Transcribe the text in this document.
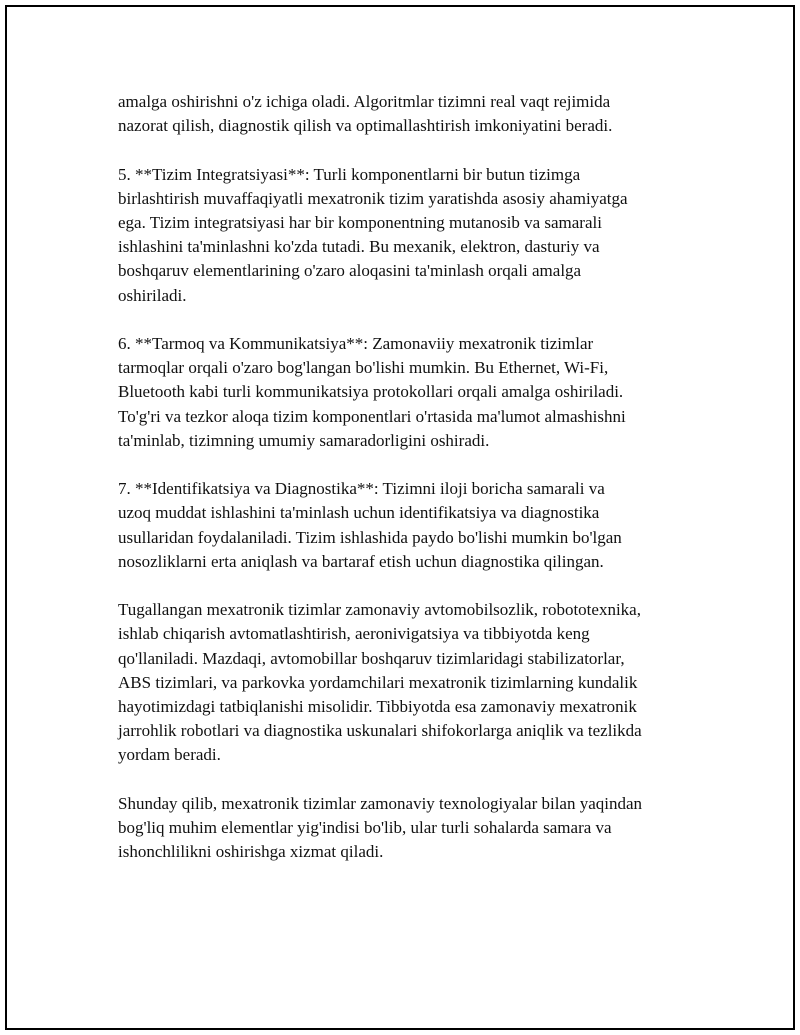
amalga oshirishni o'z ichiga oladi. Algoritmlar tizimni real vaqt rejimida
nazorat qilish, diagnostik qilish va optimallashtirish imkoniyatini beradi.

5. **Tizim Integratsiyasi**: Turli komponentlarni bir butun tizimga
birlashtirish muvaffaqiyatli mexatronik tizim yaratishda asosiy ahamiyatga
ega. Tizim integratsiyasi har bir komponentning mutanosib va samarali
ishlashini ta'minlashni ko'zda tutadi. Bu mexanik, elektron, dasturiy va
boshqaruv elementlarining o'zaro aloqasini ta'minlash orqali amalga
oshiriladi.

6. **Tarmoq va Kommunikatsiya**: Zamonaviiy mexatronik tizimlar
tarmoqlar orqali o'zaro bog'langan bo'lishi mumkin. Bu Ethernet, Wi-Fi,
Bluetooth kabi turli kommunikatsiya protokollari orqali amalga oshiriladi.
To'g'ri va tezkor aloqa tizim komponentlari o'rtasida ma'lumot almashishni
ta'minlab, tizimning umumiy samaradorligini oshiradi.

7. **Identifikatsiya va Diagnostika**: Tizimni iloji boricha samarali va
uzoq muddat ishlashini ta'minlash uchun identifikatsiya va diagnostika
usullaridan foydalaniladi. Tizim ishlashida paydo bo'lishi mumkin bo'lgan
nosozliklarni erta aniqlash va bartaraf etish uchun diagnostika qilingan.

Tugallangan mexatronik tizimlar zamonaviy avtomobilsozlik, robototexnika,
ishlab chiqarish avtomatlashtirish, aeronivigatsiya va tibbiyotda keng
qo'llaniladi. Mazdaqi, avtomobillar boshqaruv tizimlaridagi stabilizatorlar,
ABS tizimlari, va parkovka yordamchilari mexatronik tizimlarning kundalik
hayotimizdagi tatbiqlanishi misolidir. Tibbiyotda esa zamonaviy mexatronik
jarrohlik robotlari va diagnostika uskunalari shifokorlarga aniqlik va tezlikda
yordam beradi.

Shunday qilib, mexatronik tizimlar zamonaviy texnologiyalar bilan yaqindan
bog'liq muhim elementlar yig'indisi bo'lib, ular turli sohalarda samara va
ishonchlilikni oshirishga xizmat qiladi.
